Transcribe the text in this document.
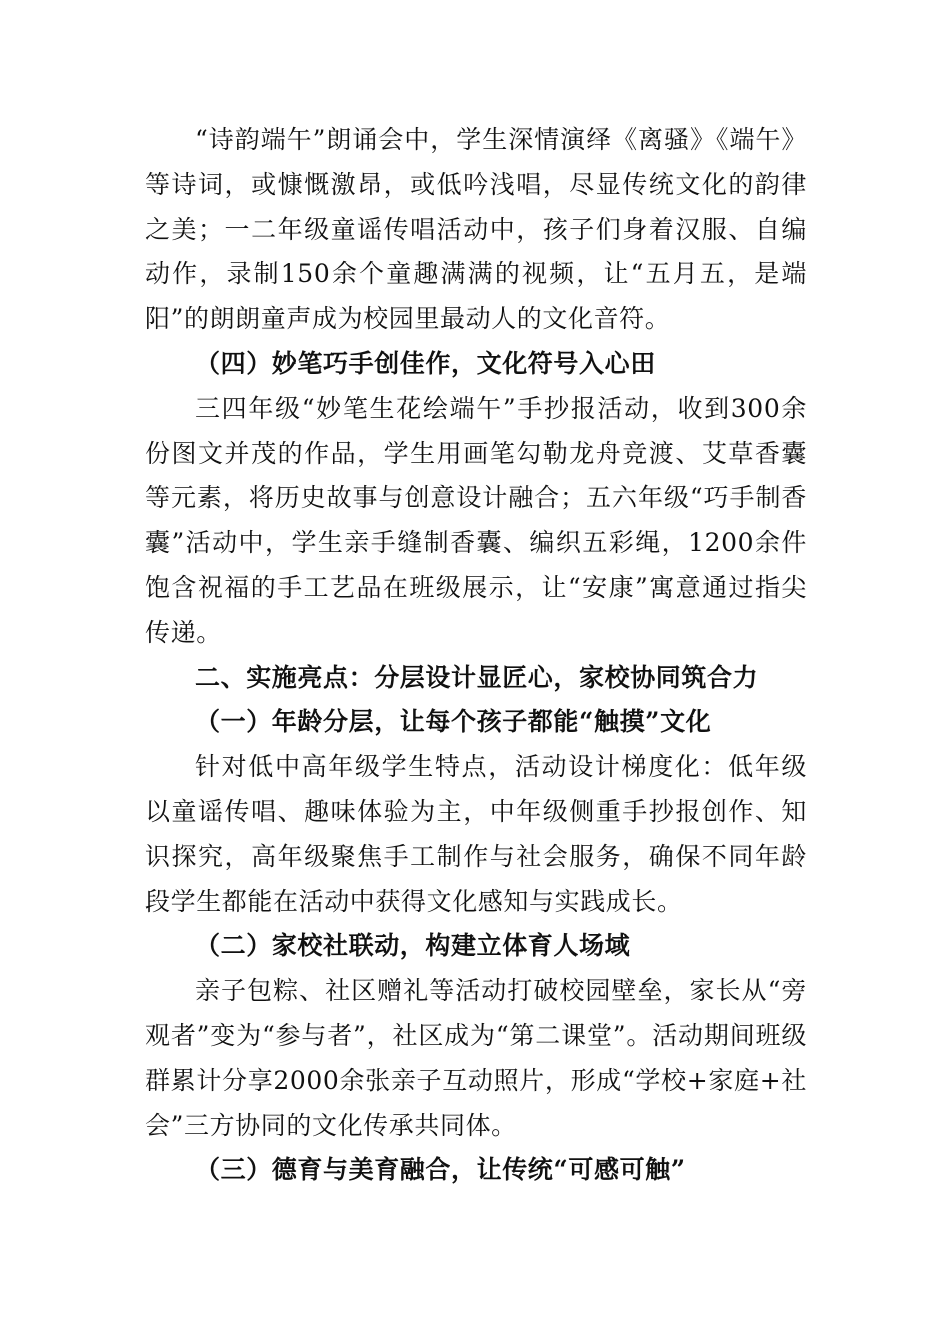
“诗韵端午”朗诵会中，学生深情演绎《离骚》《端午》等诗词，或慷慨激昂，或低吟浅唱，尽显传统文化的韵律之美；一二年级童谣传唱活动中，孩子们身着汉服、自编动作，录制150余个童趣满满的视频，让“五月五，是端阳”的朗朗童声成为校园里最动人的文化音符。

（四）妙笔巧手创佳作，文化符号入心田

三四年级“妙笔生花绘端午”手抄报活动，收到300余份图文并茂的作品，学生用画笔勾勒龙舟竞渡、艾草香囊等元素，将历史故事与创意设计融合；五六年级“巧手制香囊”活动中，学生亲手缝制香囊、编织五彩绳，1200余件饱含祝福的手工艺品在班级展示，让“安康”寓意通过指尖传递。

二、实施亮点：分层设计显匠心，家校协同筑合力

（一）年龄分层，让每个孩子都能“触摸”文化

针对低中高年级学生特点，活动设计梯度化：低年级以童谣传唱、趣味体验为主，中年级侧重手抄报创作、知识探究，高年级聚焦手工制作与社会服务，确保不同年龄段学生都能在活动中获得文化感知与实践成长。

（二）家校社联动，构建立体育人场域

亲子包粽、社区赠礼等活动打破校园壁垒，家长从“旁观者”变为“参与者”，社区成为“第二课堂”。活动期间班级群累计分享2000余张亲子互动照片，形成“学校+家庭+社会”三方协同的文化传承共同体。

（三）德育与美育融合，让传统“可感可触”
